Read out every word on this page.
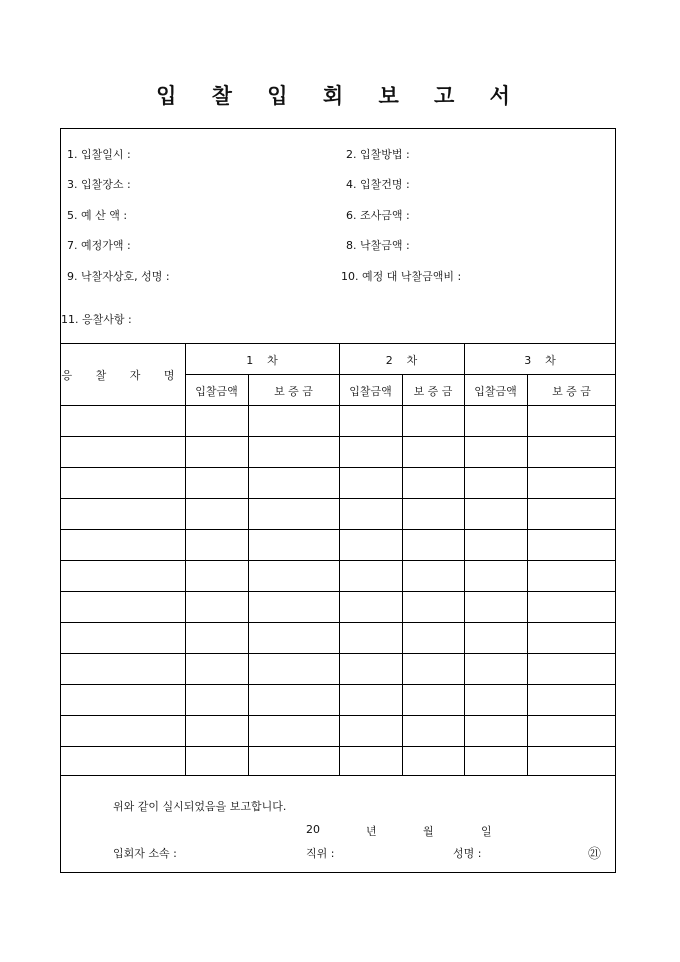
입 찰 입 회 보 고 서
1. 입찰일시 :	2. 입찰방법 :
3. 입찰장소 :	4. 입찰건명 :
5. 예 산 액 :	6. 조사금액 :
7. 예정가액 :	8. 낙찰금액 :
9. 낙찰자상호, 성명 :	10. 예정 대 낙찰금액비 :
11. 응찰사항 :
응 찰 자 명
1    차	2    차	3    차
입찰금액	보 증 금	입찰금액	보 증 금	입찰금액	보 증 금
위와 같이 실시되었음을 보고합니다.
20	년	월	일
입회자 소속 :	직위 :	성명 :	㉑
